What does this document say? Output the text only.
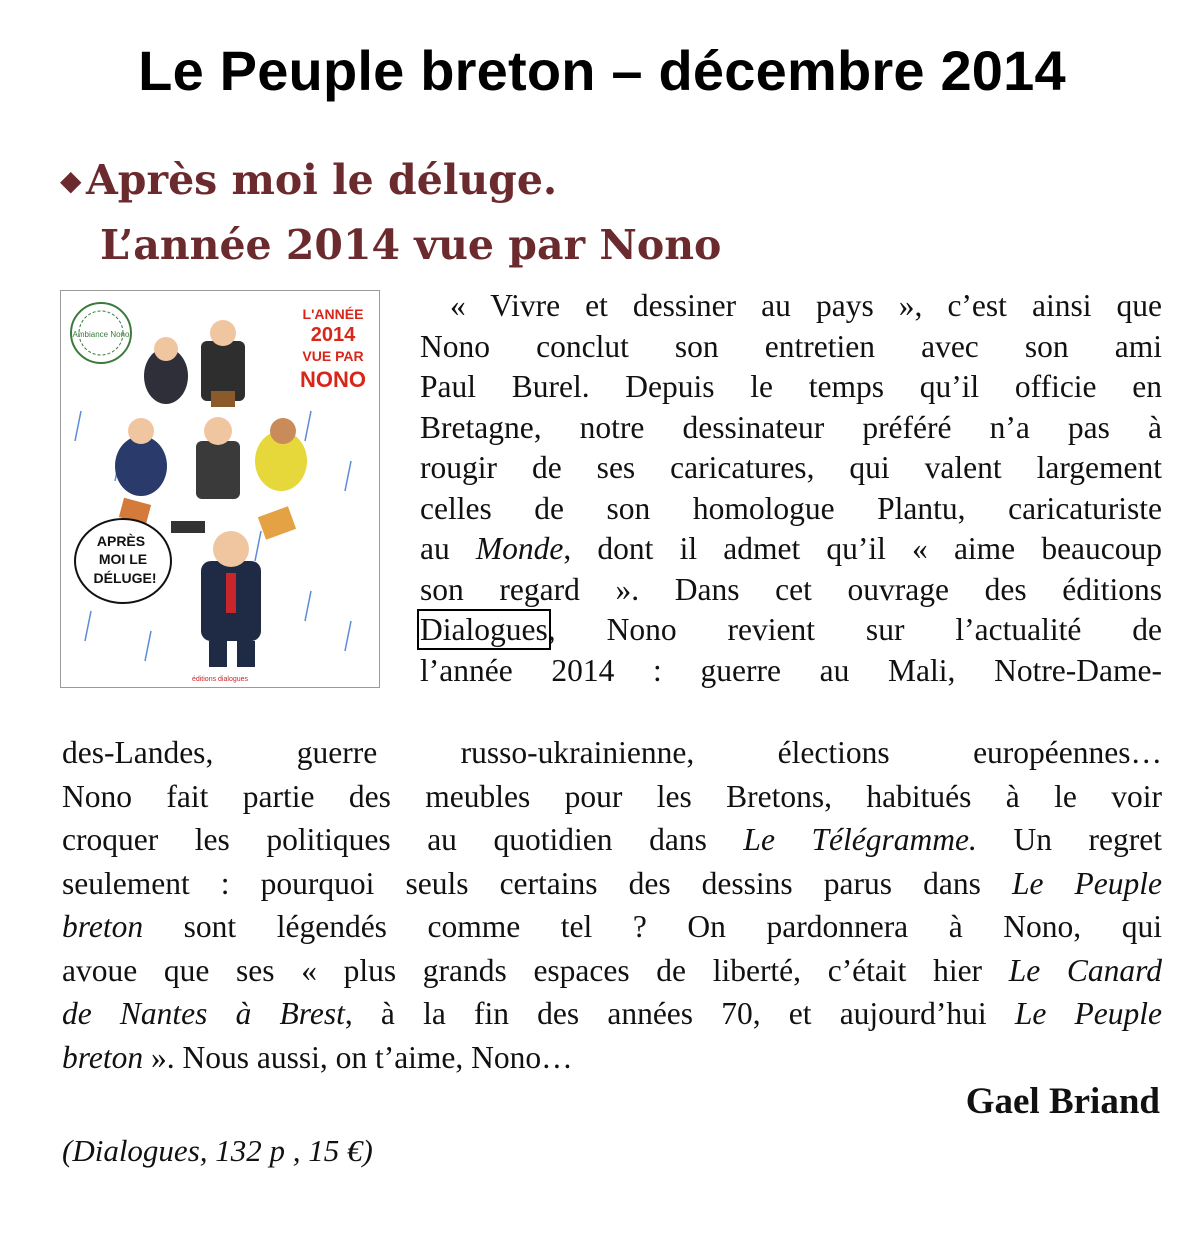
Le Peuple breton – décembre 2014
◆ Après moi le déluge.
L’année 2014 vue par Nono
Ambiance Nono
L'ANNÉE
2014
VUE PAR
NONO
APRÈS
MOI LE
DÉLUGE!
éditions dialogues
« Vivre et dessiner au pays », c’est ainsi que
Nono conclut son entretien avec son ami
Paul Burel. Depuis le temps qu’il officie en
Bretagne, notre dessinateur préféré n’a pas à
rougir de ses caricatures, qui valent largement
celles de son homologue Plantu, caricaturiste
au Monde, dont il admet qu’il « aime beaucoup
son regard ». Dans cet ouvrage des éditions
Dialogues, Nono revient sur l’actualité de
l’année 2014 : guerre au Mali, Notre-Dame-
des-Landes, guerre russo-ukrainienne, élections européennes…
Nono fait partie des meubles pour les Bretons, habitués à le voir
croquer les politiques au quotidien dans Le Télégramme. Un regret
seulement : pourquoi seuls certains des dessins parus dans Le Peuple
breton sont légendés comme tel ? On pardonnera à Nono, qui
avoue que ses « plus grands espaces de liberté, c’était hier Le Canard
de Nantes à Brest, à la fin des années 70, et aujourd’hui Le Peuple
breton ». Nous aussi, on t’aime, Nono…
Gael Briand
(Dialogues, 132 p , 15 €)
